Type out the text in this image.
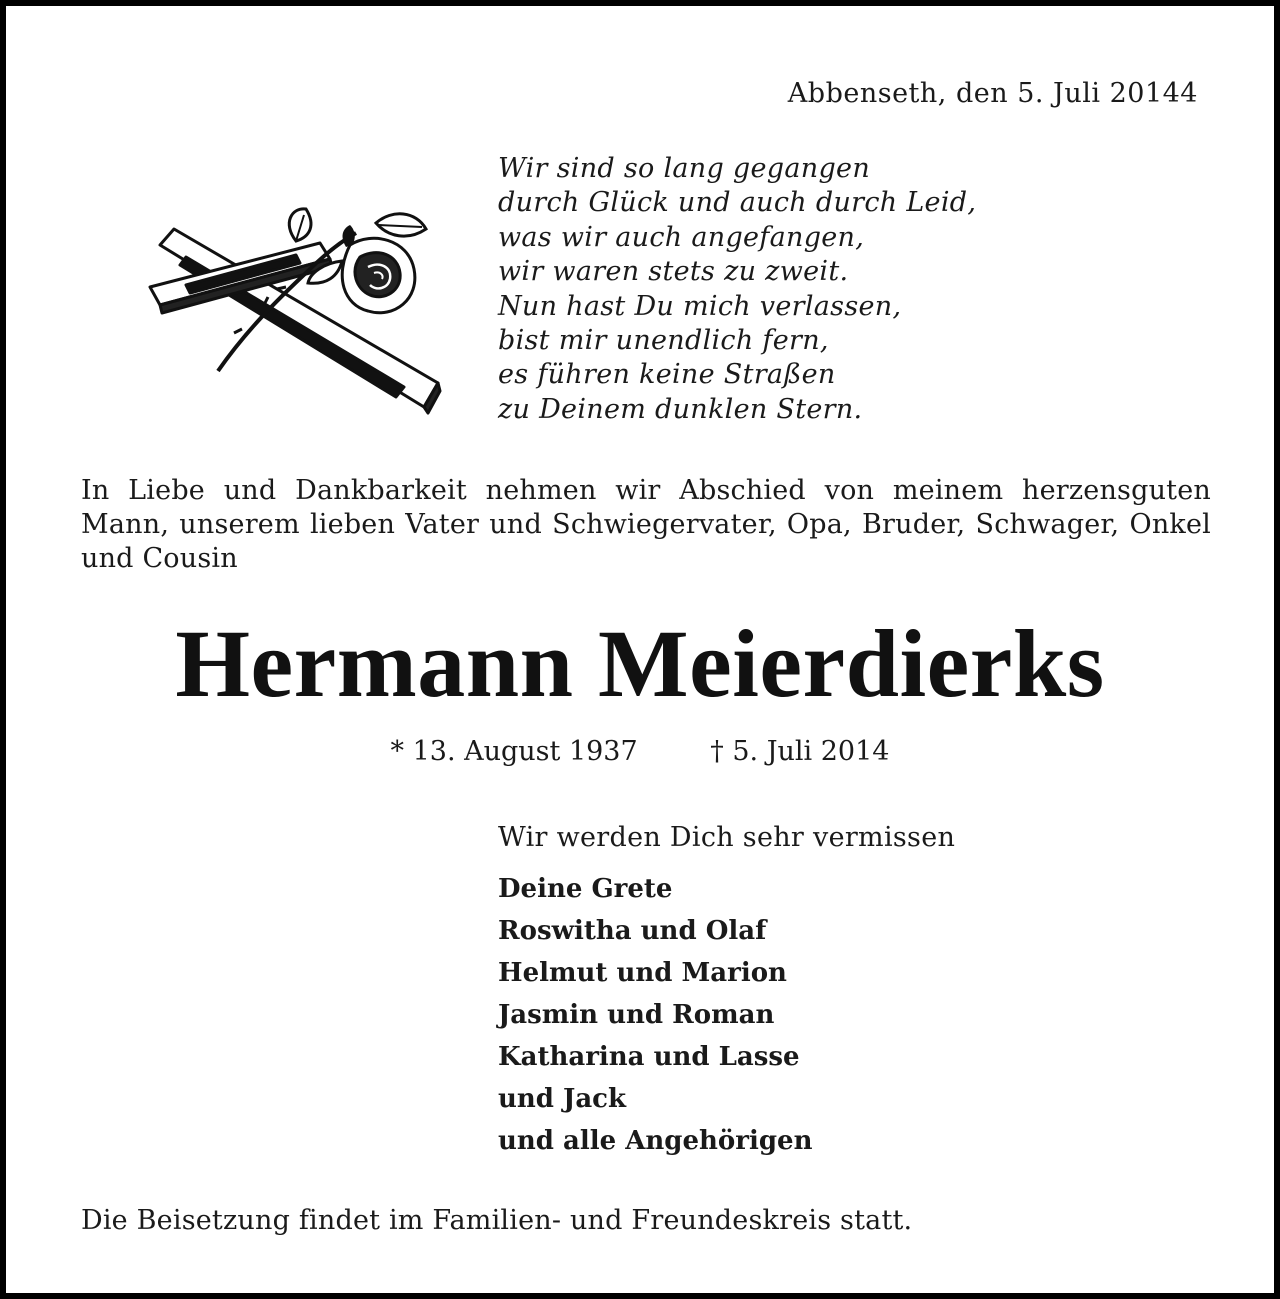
Abbenseth, den 5. Juli 20144
Wir sind so lang gegangen
durch Glück und auch durch Leid,
was wir auch angefangen,
wir waren stets zu zweit.
Nun hast Du mich verlassen,
bist mir unendlich fern,
es führen keine Straßen
zu Deinem dunklen Stern.

In Liebe und Dankbarkeit nehmen wir Abschied von meinem herzensguten Mann, unserem lieben Vater und Schwiegervater, Opa, Bruder, Schwager, Onkel und Cousin

Hermann Meierdierks
* 13. August 1937	† 5. Juli 2014
Wir werden Dich sehr vermissen
Deine Grete
Roswitha und Olaf
Helmut und Marion
Jasmin und Roman
Katharina und Lasse
und Jack
und alle Angehörigen
Die Beisetzung findet im Familien- und Freundeskreis statt.
